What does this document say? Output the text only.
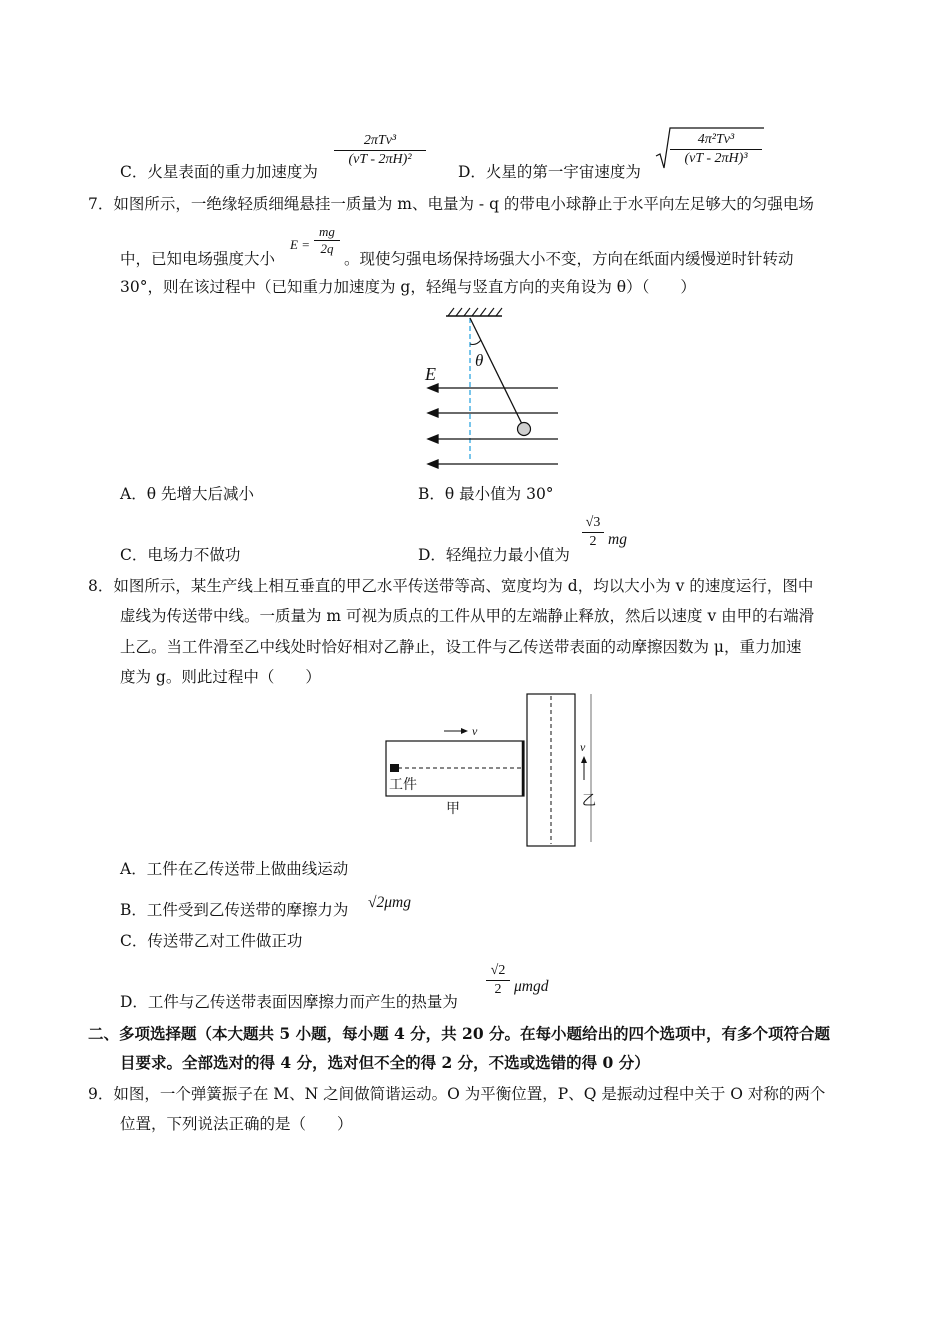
C．火星表面的重力加速度为
2πTv³
(vT - 2πH)²
D．火星的第一宇宙速度为
4π²Tv³
(vT - 2πH)³
7．如图所示，一绝缘轻质细绳悬挂一质量为 m、电量为 - q 的带电小球静止于水平向左足够大的匀强电场
中，已知电场强度大小
E =
mg
2q
。现使匀强电场保持场强大小不变，方向在纸面内缓慢逆时针转动
30°，则在该过程中（已知重力加速度为 g，轻绳与竖直方向的夹角设为 θ）（　　）
E
θ
A．θ 先增大后减小	B．θ 最小值为 30°
C．电场力不做功	D．轻绳拉力最小值为
√3
2 mg
8．如图所示，某生产线上相互垂直的甲乙水平传送带等高、宽度均为 d，均以大小为 v 的速度运行，图中
虚线为传送带中线。一质量为 m 可视为质点的工件从甲的左端静止释放，然后以速度 v 由甲的右端滑
上乙。当工件滑至乙中线处时恰好相对乙静止，设工件与乙传送带表面的动摩擦因数为 μ，重力加速
度为 g。则此过程中（　　）
v
v
工件
甲	乙
A．工件在乙传送带上做曲线运动
B．工件受到乙传送带的摩擦力为 √2μmg
C．传送带乙对工件做正功
D．工件与乙传送带表面因摩擦力而产生的热量为
√2
2 μmgd
二、多项选择题（本大题共 5 小题，每小题 4 分，共 20 分。在每小题给出的四个选项中，有多个项符合题
目要求。全部选对的得 4 分，选对但不全的得 2 分，不选或选错的得 0 分）
9．如图，一个弹簧振子在 M、N 之间做简谐运动。O 为平衡位置，P、Q 是振动过程中关于 O 对称的两个
位置，下列说法正确的是（　　）
